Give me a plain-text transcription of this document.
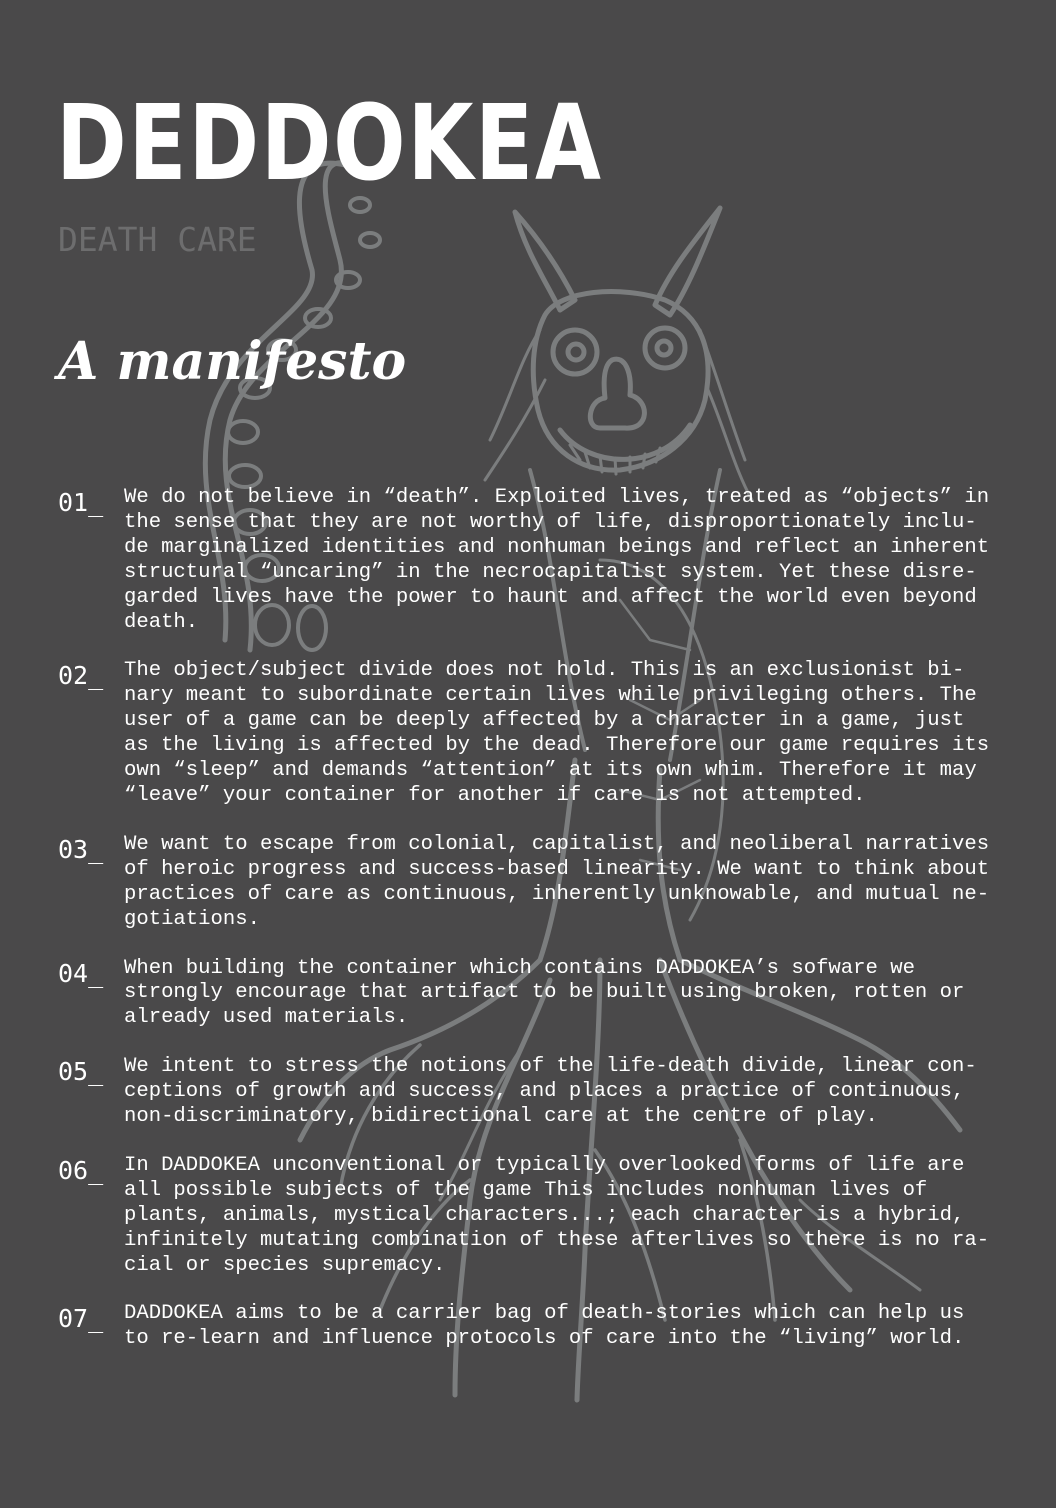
DEDDOKEA
DEATH CARE
A manifesto
01_	We do not believe in “death”. Exploited lives, treated as “objects” in
the sense that they are not worthy of life, disproportionately inclu-
de marginalized identities and nonhuman beings and reflect an inherent
structural “uncaring” in the necrocapitalist system. Yet these disre-
garded lives have the power to haunt and affect the world even beyond
death.

02_	The object/subject divide does not hold. This is an exclusionist bi-
nary meant to subordinate certain lives while privileging others. The
user of a game can be deeply affected by a character in a game, just
as the living is affected by the dead. Therefore our game requires its
own “sleep” and demands “attention” at its own whim. Therefore it may
“leave” your container for another if care is not attempted.

03_	We want to escape from colonial, capitalist, and neoliberal narratives
of heroic progress and success-based linearity. We want to think about
practices of care as continuous, inherently unknowable, and mutual ne-
gotiations.

04_	When building the container which contains DADDOKEA’s sofware we
strongly encourage that artifact to be built using broken, rotten or
already used materials.

05_	We intent to stress the notions of the life-death divide, linear con-
ceptions of growth and success, and places a practice of continuous,
non-discriminatory, bidirectional care at the centre of play.

06_	In DADDOKEA unconventional or typically overlooked forms of life are
all possible subjects of the game This includes nonhuman lives of
plants, animals, mystical characters...; each character is a hybrid,
infinitely mutating combination of these afterlives so there is no ra-
cial or species supremacy.

07_	DADDOKEA aims to be a carrier bag of death-stories which can help us
to re-learn and influence protocols of care into the “living” world.
